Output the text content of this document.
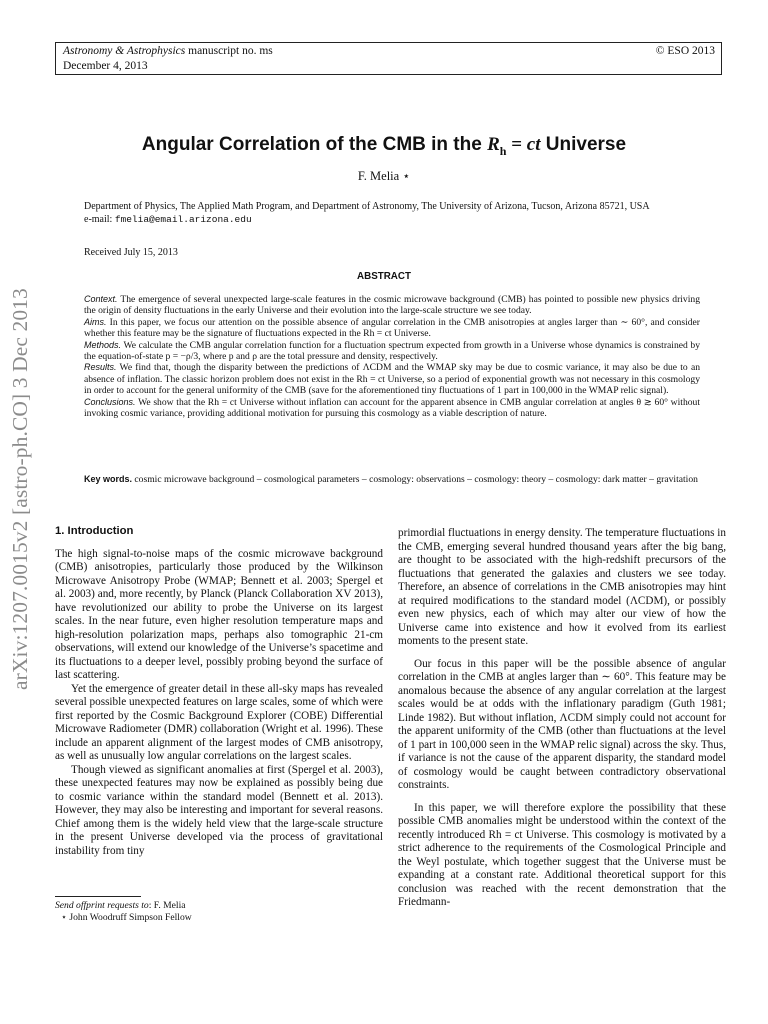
Astronomy & Astrophysics manuscript no. ms
December 4, 2013
© ESO 2013
arXiv:1207.0015v2 [astro-ph.CO] 3 Dec 2013
Angular Correlation of the CMB in the $R_h$ = ct Universe
F. Melia ⋆
Department of Physics, The Applied Math Program, and Department of Astronomy, The University of Arizona, Tucson, Arizona 85721, USA
e-mail: fmelia@email.arizona.edu
Received July 15, 2013
ABSTRACT

Context. The emergence of several unexpected large-scale features in the cosmic microwave background (CMB) has pointed to possible new physics driving the origin of density fluctuations in the early Universe and their evolution into the large-scale structure we see today.

Aims. In this paper, we focus our attention on the possible absence of angular correlation in the CMB anisotropies at angles larger than ∼ 60°, and consider whether this feature may be the signature of fluctuations expected in the Rh = ct Universe.

Methods. We calculate the CMB angular correlation function for a fluctuation spectrum expected from growth in a Universe whose dynamics is constrained by the equation-of-state p = −ρ/3, where p and ρ are the total pressure and density, respectively.

Results. We find that, though the disparity between the predictions of ΛCDM and the WMAP sky may be due to cosmic variance, it may also be due to an absence of inflation. The classic horizon problem does not exist in the Rh = ct Universe, so a period of exponential growth was not necessary in this cosmology in order to account for the general uniformity of the CMB (save for the aforementioned tiny fluctuations of 1 part in 100,000 in the WMAP relic signal).

Conclusions. We show that the Rh = ct Universe without inflation can account for the apparent absence in CMB angular correlation at angles θ ≳ 60° without invoking cosmic variance, providing additional motivation for pursuing this cosmology as a viable description of nature.

Key words. cosmic microwave background – cosmological parameters – cosmology: observations – cosmology: theory – cosmology: dark matter – gravitation

1. Introduction

The high signal-to-noise maps of the cosmic microwave background (CMB) anisotropies, particularly those produced by the Wilkinson Microwave Anisotropy Probe (WMAP; Bennett et al. 2003; Spergel et al. 2003) and, more recently, by Planck (Planck Collaboration XV 2013), have revolutionized our ability to probe the Universe on its largest scales. In the near future, even higher resolution temperature maps and high-resolution polarization maps, perhaps also tomographic 21-cm observations, will extend our knowledge of the Universe’s spacetime and its fluctuations to a deeper level, possibly probing beyond the surface of last scattering.

Yet the emergence of greater detail in these all-sky maps has revealed several possible unexpected features on large scales, some of which were first reported by the Cosmic Background Explorer (COBE) Differential Microwave Radiometer (DMR) collaboration (Wright et al. 1996). These include an apparent alignment of the largest modes of CMB anisotropy, as well as unusually low angular correlations on the largest scales.

Though viewed as significant anomalies at first (Spergel et al. 2003), these unexpected features may now be explained as possibly being due to cosmic variance within the standard model (Bennett et al. 2013). However, they may also be interesting and important for several reasons. Chief among them is the widely held view that the large-scale structure in the present Universe developed via the process of gravitational instability from tiny

primordial fluctuations in energy density. The temperature fluctuations in the CMB, emerging several hundred thousand years after the big bang, are thought to be associated with the high-redshift precursors of the fluctuations that generated the galaxies and clusters we see today. Therefore, an absence of correlations in the CMB anisotropies may hint at required modifications to the standard model (ΛCDM), or possibly even new physics, each of which may alter our view of how the Universe came into existence and how it evolved from its earliest moments to the present state.

Our focus in this paper will be the possible absence of angular correlation in the CMB at angles larger than ∼ 60°. This feature may be anomalous because the absence of any angular correlation at the largest scales would be at odds with the inflationary paradigm (Guth 1981; Linde 1982). But without inflation, ΛCDM simply could not account for the apparent uniformity of the CMB (other than fluctuations at the level of 1 part in 100,000 seen in the WMAP relic signal) across the sky. Thus, if variance is not the cause of the apparent disparity, the standard model of cosmology would be caught between contradictory observational constraints.

In this paper, we will therefore explore the possibility that these possible CMB anomalies might be understood within the context of the recently introduced Rh = ct Universe. This cosmology is motivated by a strict adherence to the requirements of the Cosmological Principle and the Weyl postulate, which together suggest that the Universe must be expanding at a constant rate. Additional theoretical support for this conclusion was reached with the recent demonstration that the Friedmann-

Send offprint requests to: F. Melia
⋆ John Woodruff Simpson Fellow
